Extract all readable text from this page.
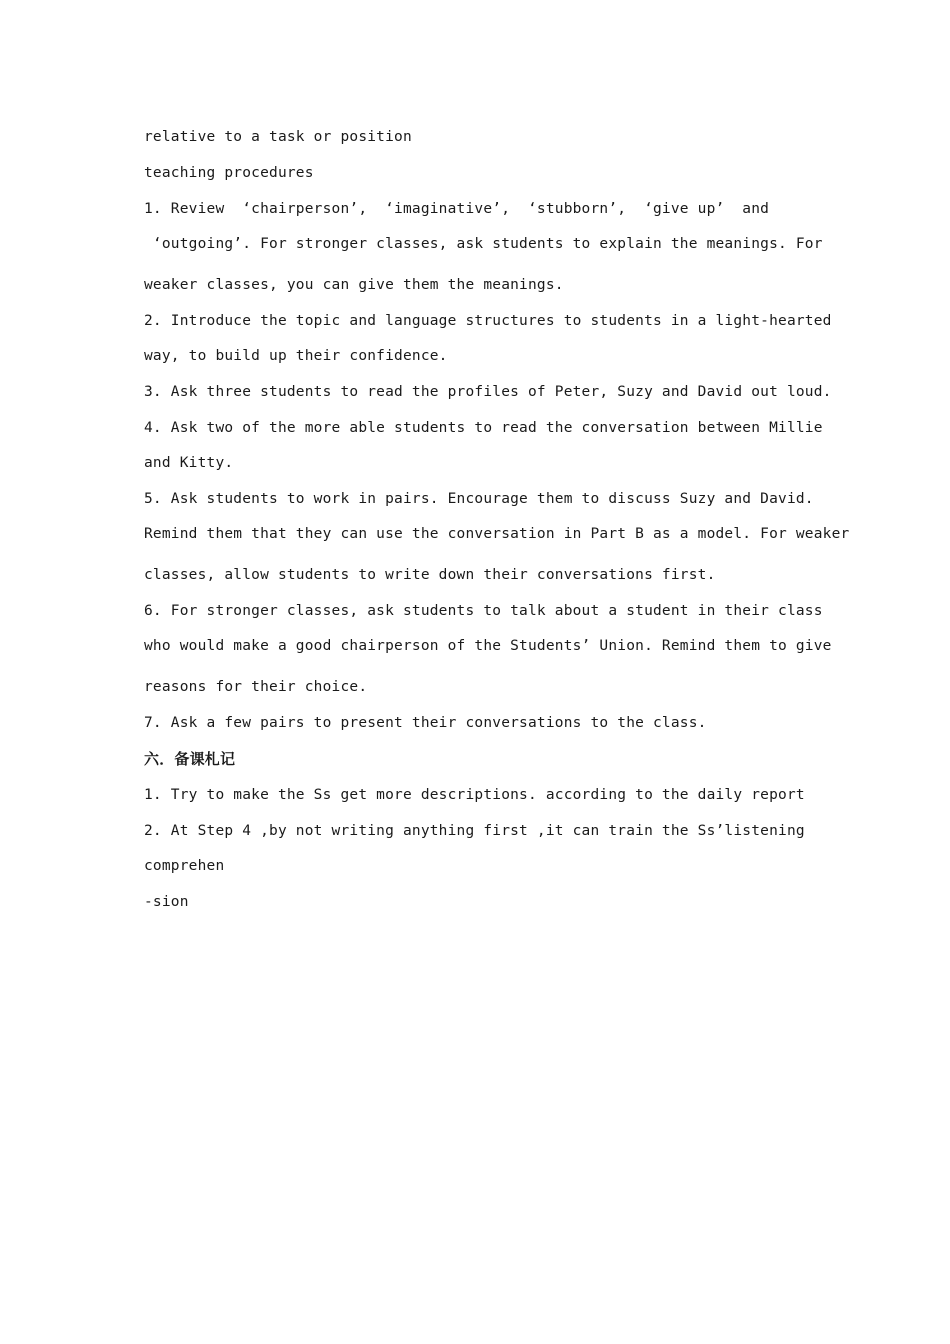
relative to a task or position
teaching procedures
1. Review  ‘chairperson’,  ‘imaginative’,  ‘stubborn’,  ‘give up’  and
‘outgoing’. For stronger classes, ask students to explain the meanings. For
weaker classes, you can give them the meanings.
2. Introduce the topic and language structures to students in a light-hearted
way, to build up their confidence.
3. Ask three students to read the profiles of Peter, Suzy and David out loud.
4. Ask two of the more able students to read the conversation between Millie
and Kitty.
5. Ask students to work in pairs. Encourage them to discuss Suzy and David.
Remind them that they can use the conversation in Part B as a model. For weaker
classes, allow students to write down their conversations first.
6. For stronger classes, ask students to talk about a student in their class
who would make a good chairperson of the Students’ Union. Remind them to give
reasons for their choice.
7. Ask a few pairs to present their conversations to the class.
六．备课札记
1. Try to make the Ss get more descriptions. according to the daily report
2. At Step 4 ,by not writing anything first ,it can train the Ss’listening
comprehen
-sion
